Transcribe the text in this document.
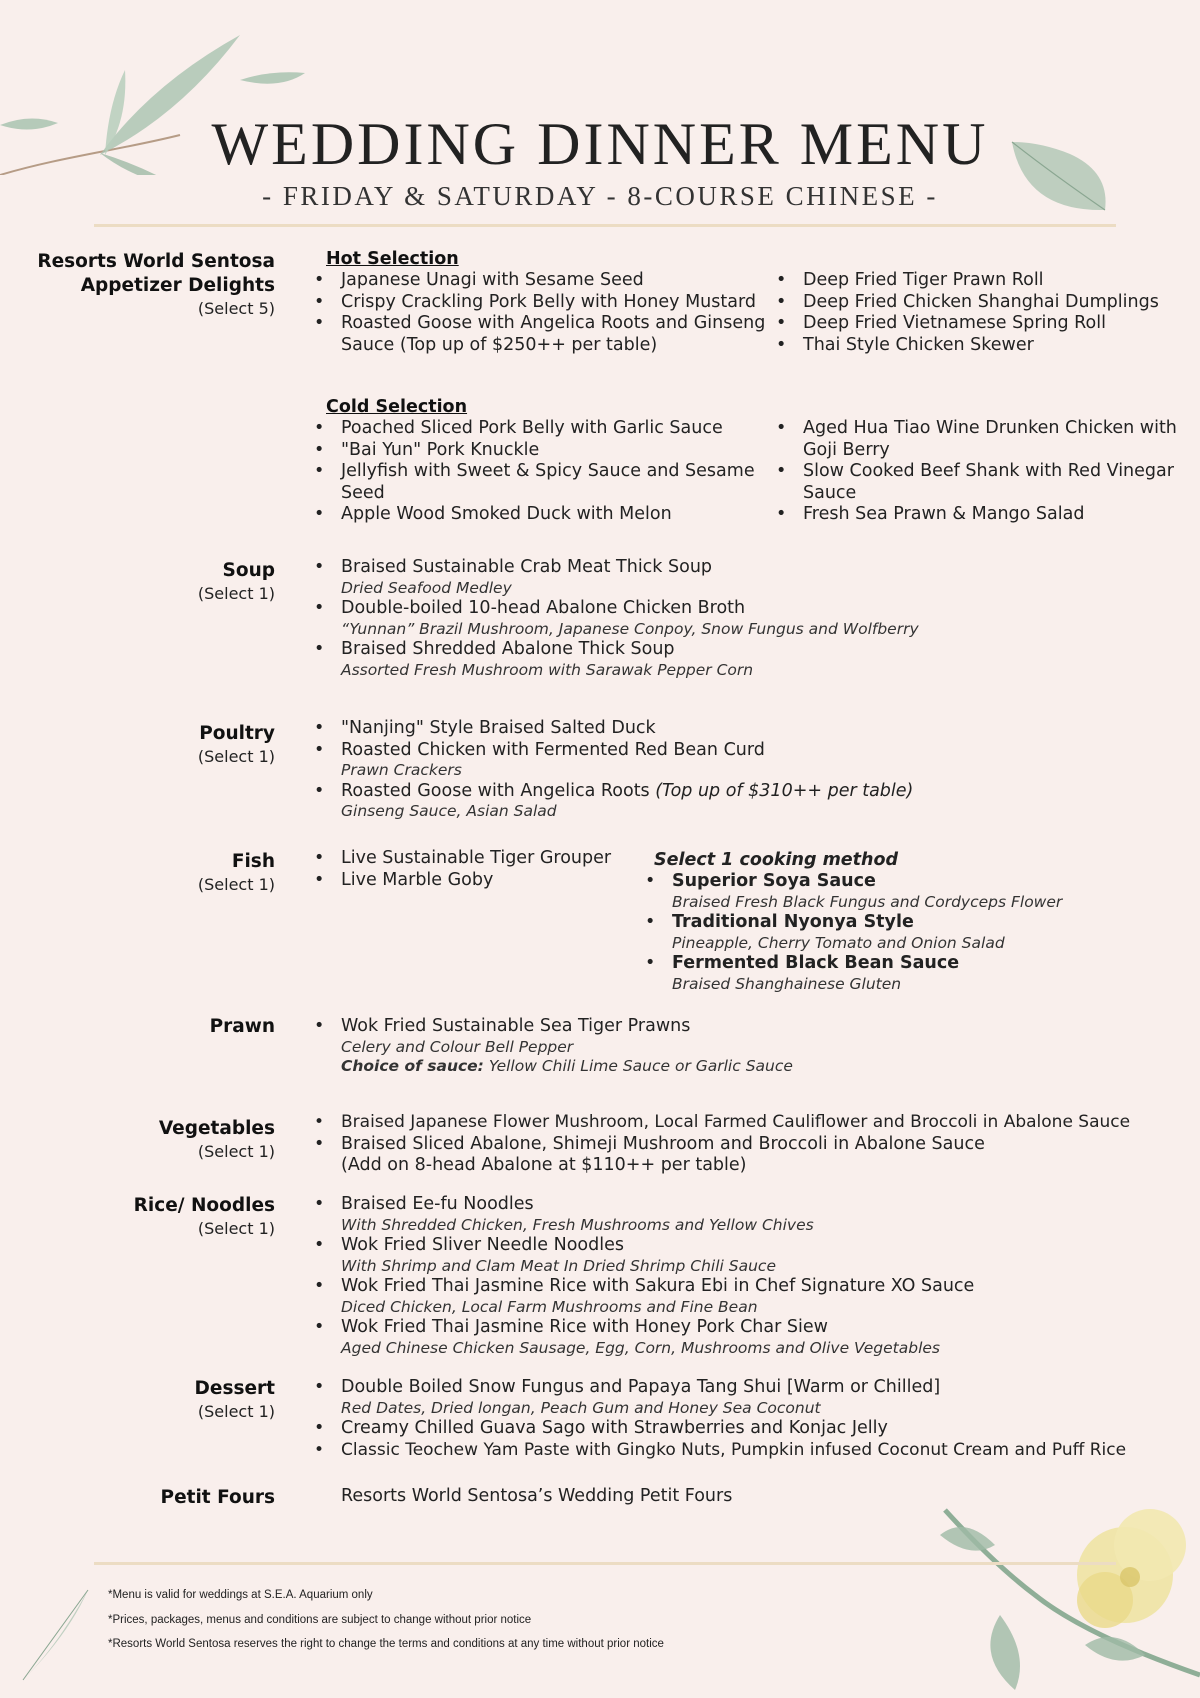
WEDDING DINNER MENU
- FRIDAY & SATURDAY - 8-COURSE CHINESE -
Resorts World Sentosa
Appetizer Delights
(Select 5)
Hot Selection
• Japanese Unagi with Sesame Seed
• Crispy Crackling Pork Belly with Honey Mustard
• Roasted Goose with Angelica Roots and Ginseng Sauce (Top up of $250++ per table)
• Deep Fried Tiger Prawn Roll
• Deep Fried Chicken Shanghai Dumplings
• Deep Fried Vietnamese Spring Roll
• Thai Style Chicken Skewer
Cold Selection
• Poached Sliced Pork Belly with Garlic Sauce
• "Bai Yun" Pork Knuckle
• Jellyfish with Sweet & Spicy Sauce and Sesame Seed
• Apple Wood Smoked Duck with Melon
• Aged Hua Tiao Wine Drunken Chicken with Goji Berry
• Slow Cooked Beef Shank with Red Vinegar Sauce
• Fresh Sea Prawn & Mango Salad
Soup
(Select 1)
• Braised Sustainable Crab Meat Thick Soup
Dried Seafood Medley
• Double-boiled 10-head Abalone Chicken Broth
“Yunnan” Brazil Mushroom, Japanese Conpoy, Snow Fungus and Wolfberry
• Braised Shredded Abalone Thick Soup
Assorted Fresh Mushroom with Sarawak Pepper Corn
Poultry
(Select 1)
• "Nanjing" Style Braised Salted Duck
• Roasted Chicken with Fermented Red Bean Curd
Prawn Crackers
• Roasted Goose with Angelica Roots (Top up of $310++ per table)
Ginseng Sauce, Asian Salad
Fish
(Select 1)
• Live Sustainable Tiger Grouper
• Live Marble Goby
Select 1 cooking method
• Superior Soya Sauce
Braised Fresh Black Fungus and Cordyceps Flower
• Traditional Nyonya Style
Pineapple, Cherry Tomato and Onion Salad
• Fermented Black Bean Sauce
Braised Shanghainese Gluten
Prawn
•	Wok Fried Sustainable Sea Tiger Prawns
Celery and Colour Bell Pepper
Choice of sauce: Yellow Chili Lime Sauce or Garlic Sauce
Vegetables
(Select 1)
• Braised Japanese Flower Mushroom, Local Farmed Cauliflower and Broccoli in Abalone Sauce
• Braised Sliced Abalone, Shimeji Mushroom and Broccoli in Abalone Sauce
(Add on 8-head Abalone at $110++ per table)
Rice/ Noodles
(Select 1)
• Braised Ee-fu Noodles
With Shredded Chicken, Fresh Mushrooms and Yellow Chives
• Wok Fried Sliver Needle Noodles
With Shrimp and Clam Meat In Dried Shrimp Chili Sauce
• Wok Fried Thai Jasmine Rice with Sakura Ebi in Chef Signature XO Sauce
Diced Chicken, Local Farm Mushrooms and Fine Bean
• Wok Fried Thai Jasmine Rice with Honey Pork Char Siew
Aged Chinese Chicken Sausage, Egg, Corn, Mushrooms and Olive Vegetables
Dessert
(Select 1)
• Double Boiled Snow Fungus and Papaya Tang Shui [Warm or Chilled]
Red Dates, Dried longan, Peach Gum and Honey Sea Coconut
• Creamy Chilled Guava Sago with Strawberries and Konjac Jelly
• Classic Teochew Yam Paste with Gingko Nuts, Pumpkin infused Coconut Cream and Puff Rice
Petit Fours	Resorts World Sentosa’s Wedding Petit Fours
*Menu is valid for weddings at S.E.A. Aquarium only
*Prices, packages, menus and conditions are subject to change without prior notice
*Resorts World Sentosa reserves the right to change the terms and conditions at any time without prior notice
